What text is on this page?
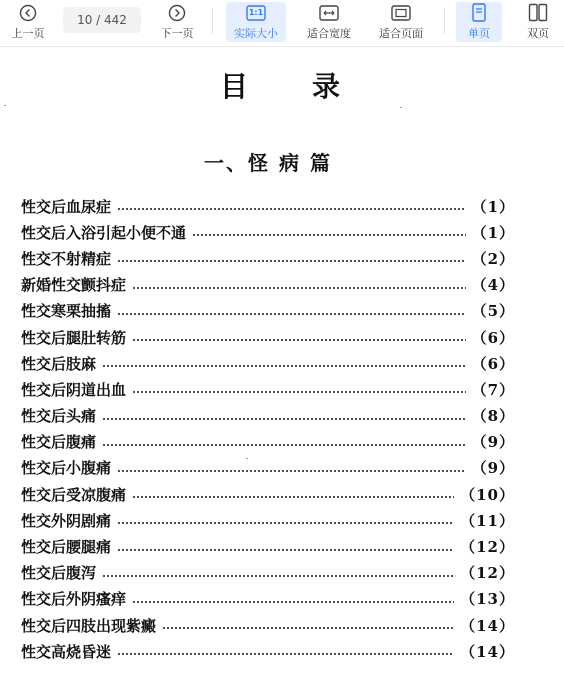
上一页
10 / 442
下一页
1:1
实际大小	适合宽度	适合页面	单页	双页
目 录
一、怪 病 篇
性交后血尿症	（1）
性交后入浴引起小便不通	（1）
性交不射精症	（2）
新婚性交颤抖症	（4）
性交寒栗抽搐	（5）
性交后腿肚转筋	（6）
性交后肢麻	（6）
性交后阴道出血	（7）
性交后头痛	（8）
性交后腹痛	（9）
性交后小腹痛	（9）
性交后受凉腹痛	（10）
性交外阴剧痛	（11）
性交后腰腿痛	（12）
性交后腹泻	（12）
性交后外阴瘙痒	（13）
性交后四肢出现紫癜	（14）
性交高烧昏迷	（14）
